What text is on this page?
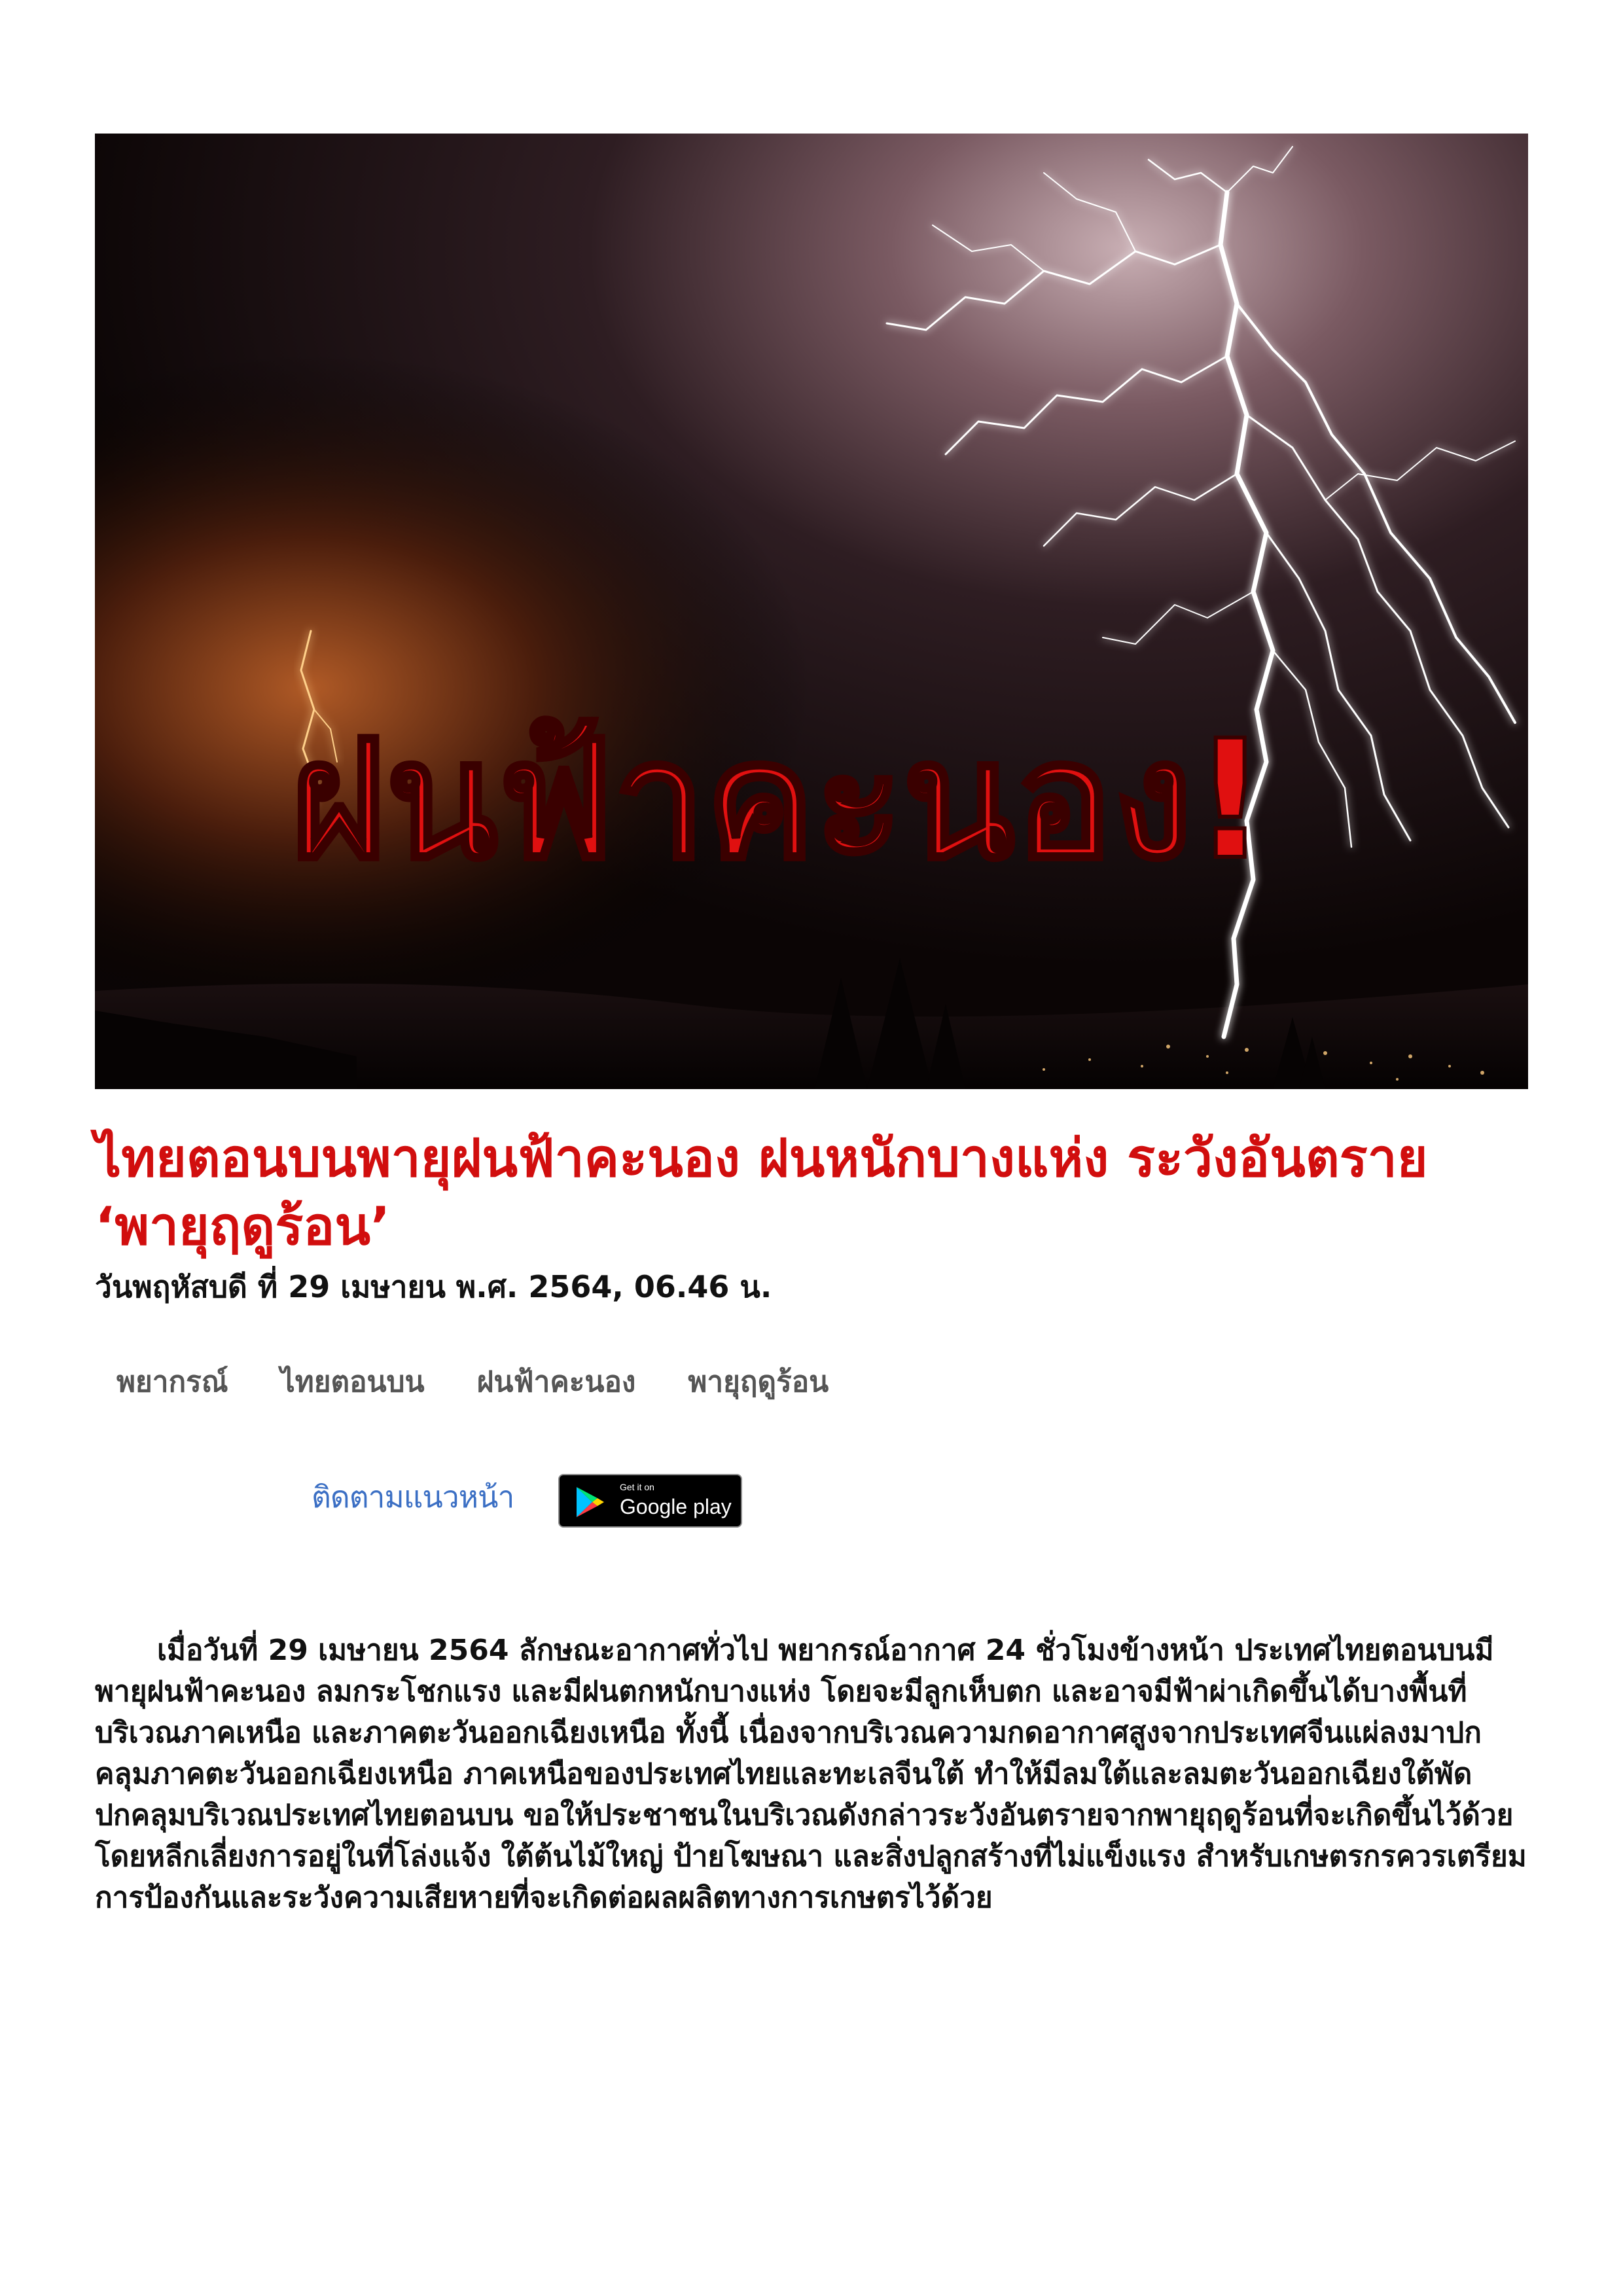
ฝนฟ้าคะนอง!
ไทยตอนบนพายุฝนฟ้าคะนอง ฝนหนักบางแห่ง ระวังอันตราย ‘พายุฤดูร้อน’
วันพฤหัสบดี ที่ 29 เมษายน พ.ศ. 2564, 06.46 น.
พยากรณ์ ไทยตอนบน ฝนฟ้าคะนอง พายุฤดูร้อน
ติดตามแนวหน้า	Get it on
Google play

เมื่อวันที่ 29 เมษายน 2564 ลักษณะอากาศทั่วไป พยากรณ์อากาศ 24 ชั่วโมงข้างหน้า ประเทศไทยตอนบนมีพายุฝนฟ้าคะนอง ลมกระโชกแรง และมีฝนตกหนักบางแห่ง โดยจะมีลูกเห็บตก และอาจมีฟ้าผ่าเกิดขึ้นได้บางพื้นที่ บริเวณภาคเหนือ และภาคตะวันออกเฉียงเหนือ ทั้งนี้ เนื่องจากบริเวณความกดอากาศสูงจากประเทศจีนแผ่ลงมาปกคลุมภาคตะวันออกเฉียงเหนือ ภาคเหนือของประเทศไทยและทะเลจีนใต้ ทำให้มีลมใต้และลมตะวันออกเฉียงใต้พัดปกคลุมบริเวณประเทศไทยตอนบน ขอให้ประชาชนในบริเวณดังกล่าวระวังอันตรายจากพายุฤดูร้อนที่จะเกิดขึ้นไว้ด้วย โดยหลีกเลี่ยงการอยู่ในที่โล่งแจ้ง ใต้ต้นไม้ใหญ่ ป้ายโฆษณา และสิ่งปลูกสร้างที่ไม่แข็งแรง สำหรับเกษตรกรควรเตรียมการป้องกันและระวังความเสียหายที่จะเกิดต่อผลผลิตทางการเกษตรไว้ด้วย
